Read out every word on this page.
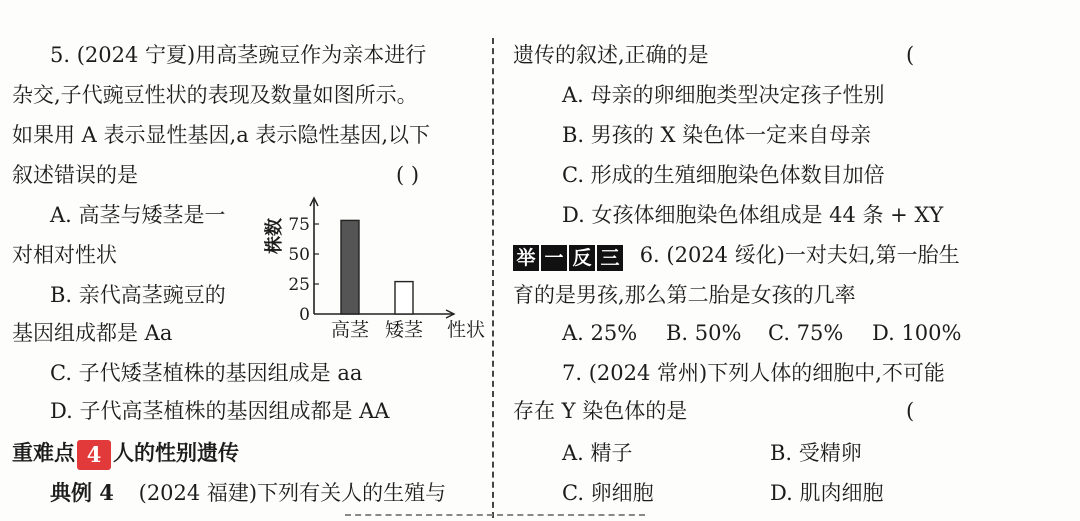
5. (2024 宁夏)用高茎豌豆作为亲本进行
杂交,子代豌豆性状的表现及数量如图所示。
如果用 A 表示显性基因,a 表示隐性基因,以下
叙述错误的是	( )
A. 高茎与矮茎是一
对相对性状
B. 亲代高茎豌豆的
基因组成都是 Aa
C. 子代矮茎植株的基因组成是 aa
D. 子代高茎植株的基因组成都是 AA
0
25
50
75
株数
高茎 矮茎 性状
重难点 4 人的性别遗传
典例 4 (2024 福建)下列有关人的生殖与
遗传的叙述,正确的是	(
A. 母亲的卵细胞类型决定孩子性别
B. 男孩的 X 染色体一定来自母亲
C. 形成的生殖细胞染色体数目加倍
D. 女孩体细胞染色体组成是 44 条 + XY
举 一 反 三 6. (2024 绥化)一对夫妇,第一胎生
育的是男孩,那么第二胎是女孩的几率
A. 25% B. 50% C. 75% D. 100%
7. (2024 常州)下列人体的细胞中,不可能
存在 Y 染色体的是	(
A. 精子	B. 受精卵
C. 卵细胞	D. 肌肉细胞
